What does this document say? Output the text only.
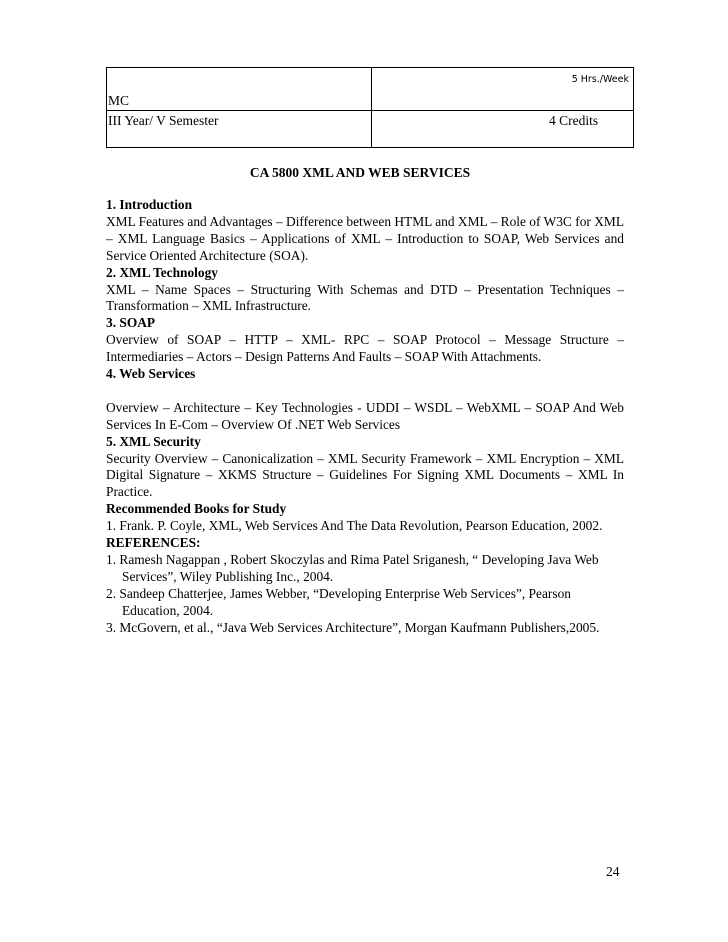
5 Hrs./Week
MC
III Year/ V Semester	4 Credits
CA 5800 XML AND WEB SERVICES
1. Introduction
XML Features and Advantages – Difference between HTML and XML – Role of W3C for XML – XML Language Basics – Applications of XML – Introduction to SOAP, Web Services and Service Oriented Architecture (SOA).
2. XML Technology
XML – Name Spaces – Structuring With Schemas and DTD – Presentation Techniques – Transformation – XML Infrastructure.
3. SOAP
Overview of SOAP – HTTP – XML- RPC – SOAP Protocol – Message Structure – Intermediaries – Actors – Design Patterns And Faults – SOAP With Attachments.
4. Web Services
Overview – Architecture – Key Technologies - UDDI – WSDL – WebXML – SOAP And Web Services In E-Com – Overview Of .NET Web Services
5. XML Security
Security Overview – Canonicalization – XML Security Framework – XML Encryption – XML Digital Signature – XKMS Structure – Guidelines For Signing XML Documents – XML In Practice.
Recommended Books for Study
1. Frank. P. Coyle, XML, Web Services And The Data Revolution, Pearson Education, 2002.
REFERENCES:
1. Ramesh Nagappan , Robert Skoczylas and Rima Patel Sriganesh, “ Developing Java Web Services”, Wiley Publishing Inc., 2004.
2. Sandeep Chatterjee, James Webber, “Developing Enterprise Web Services”, Pearson Education, 2004.
3. McGovern, et al., “Java Web Services Architecture”, Morgan Kaufmann Publishers,2005.
24
